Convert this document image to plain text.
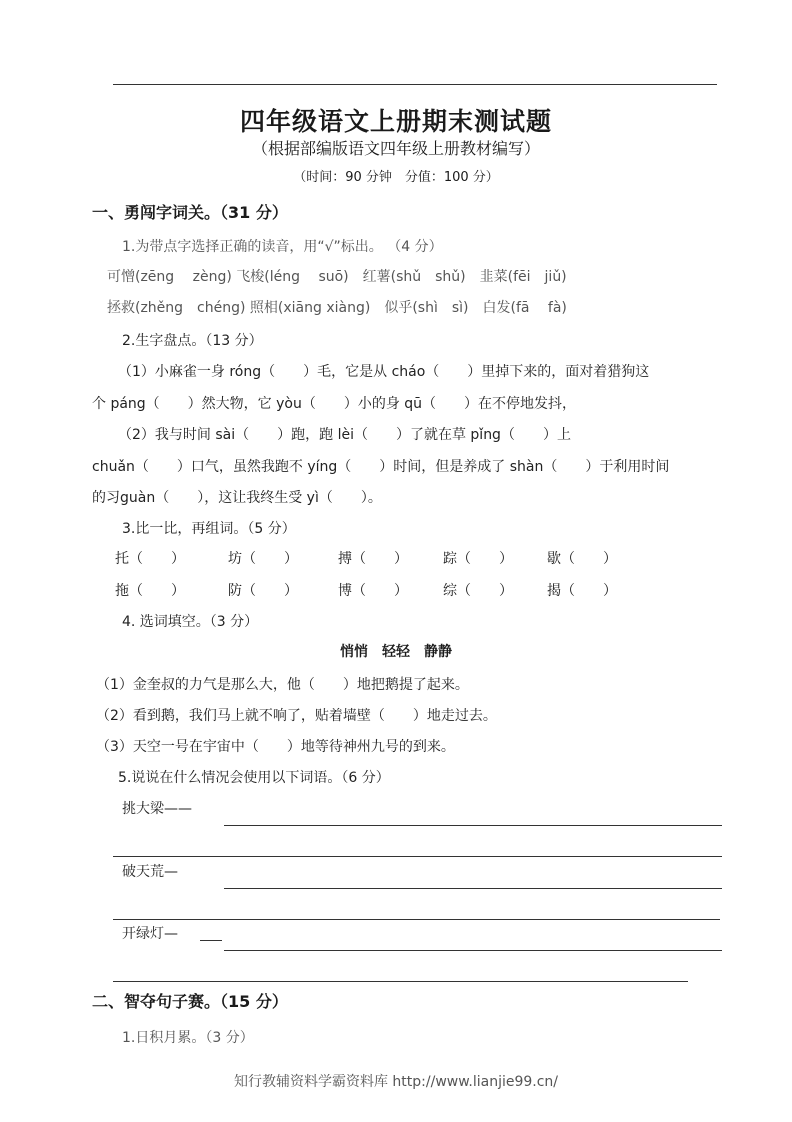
四年级语文上册期末测试题
（根据部编版语文四年级上册教材编写）
（时间：90 分钟　分值：100 分）
一、勇闯字词关。（31 分）
1.为带点字选择正确的读音，用“√”标出。 （4 分）
可憎(zēng　 zèng) 飞梭(léng　 suō)　红薯(shǔ　shǔ)　韭菜(fēi　jiǔ)
拯救(zhěng　chéng) 照相(xiāng xiàng)　似乎(shì　sì)　白发(fā　 fà)
2.生字盘点。（13 分）
（1）小麻雀一身 róng（　　）毛，它是从 cháo（　　）里掉下来的，面对着猎狗这
个 páng（　　）然大物，它 yòu（　　）小的身 qū（　　）在不停地发抖，
（2）我与时间 sài（　　）跑，跑 lèi（　　）了就在草 pǐng（　　）上
chuǎn（　　）口气，虽然我跑不 yíng（　　）时间，但是养成了 shàn（　　）于利用时间
的习guàn（　　），这让我终生受 yì（　　）。
3.比一比，再组词。（5 分）
托（　　）	坊（　　）	搏（　　）	踪（　　） 歇（　　）
拖（　　）	防（　　）	博（　　）	综（　　） 揭（　　）
4. 选词填空。（3 分）
悄悄　轻轻　静静
（1）金奎叔的力气是那么大，他（　　）地把鹅提了起来。
（2）看到鹅，我们马上就不响了，贴着墙壁（　　）地走过去。
（3）天空一号在宇宙中（　　）地等待神州九号的到来。
5.说说在什么情况会使用以下词语。（6 分）
挑大梁——
破天荒—
开绿灯—
二、智夺句子赛。（15 分）
1.日积月累。（3 分）
知行教辅资料学霸资料库 http://www.lianjie99.cn/
